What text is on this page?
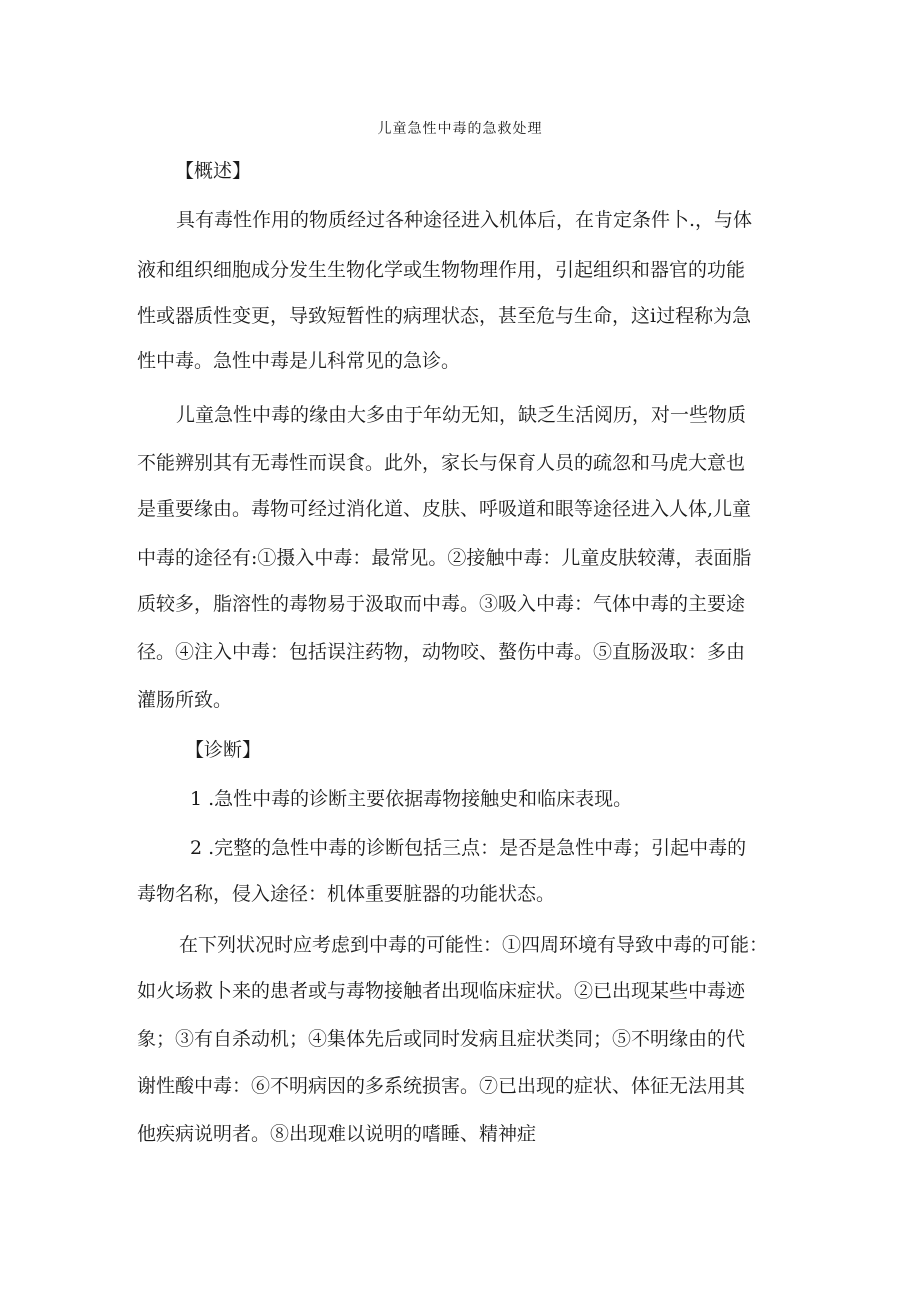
儿童急性中毒的急救处理
【概述】
具有毒性作用的物质经过各种途径进入机体后，在肯定条件卜.，与体
液和组织细胞成分发生生物化学或生物物理作用，引起组织和器官的功能
性或器质性变更，导致短暂性的病理状态，甚至危与生命，这i过程称为急
性中毒。急性中毒是儿科常见的急诊。
儿童急性中毒的缘由大多由于年幼无知，缺乏生活阅历，对一些物质
不能辨别其有无毒性而误食。此外，家长与保育人员的疏忽和马虎大意也
是重要缘由。毒物可经过消化道、皮肤、呼吸道和眼等途径进入人体,儿童
中毒的途径有:①摄入中毒：最常见。②接触中毒：儿童皮肤较薄，表面脂
质较多，脂溶性的毒物易于汲取而中毒。③吸入中毒：气体中毒的主要途
径。④注入中毒：包括误注药物，动物咬、螯伤中毒。⑤直肠汲取：多由
灌肠所致。
【诊断】
1 .急性中毒的诊断主要依据毒物接触史和临床表现。
2 .完整的急性中毒的诊断包括三点：是否是急性中毒；引起中毒的
毒物名称，侵入途径：机体重要脏器的功能状态。
在下列状况时应考虑到中毒的可能性：①四周环境有导致中毒的可能：
如火场救卜来的患者或与毒物接触者出现临床症状。②已出现某些中毒迹
象；③有自杀动机；④集体先后或同时发病且症状类同；⑤不明缘由的代
谢性酸中毒：⑥不明病因的多系统损害。⑦已出现的症状、体征无法用其
他疾病说明者。⑧出现难以说明的嗜睡、精神症
